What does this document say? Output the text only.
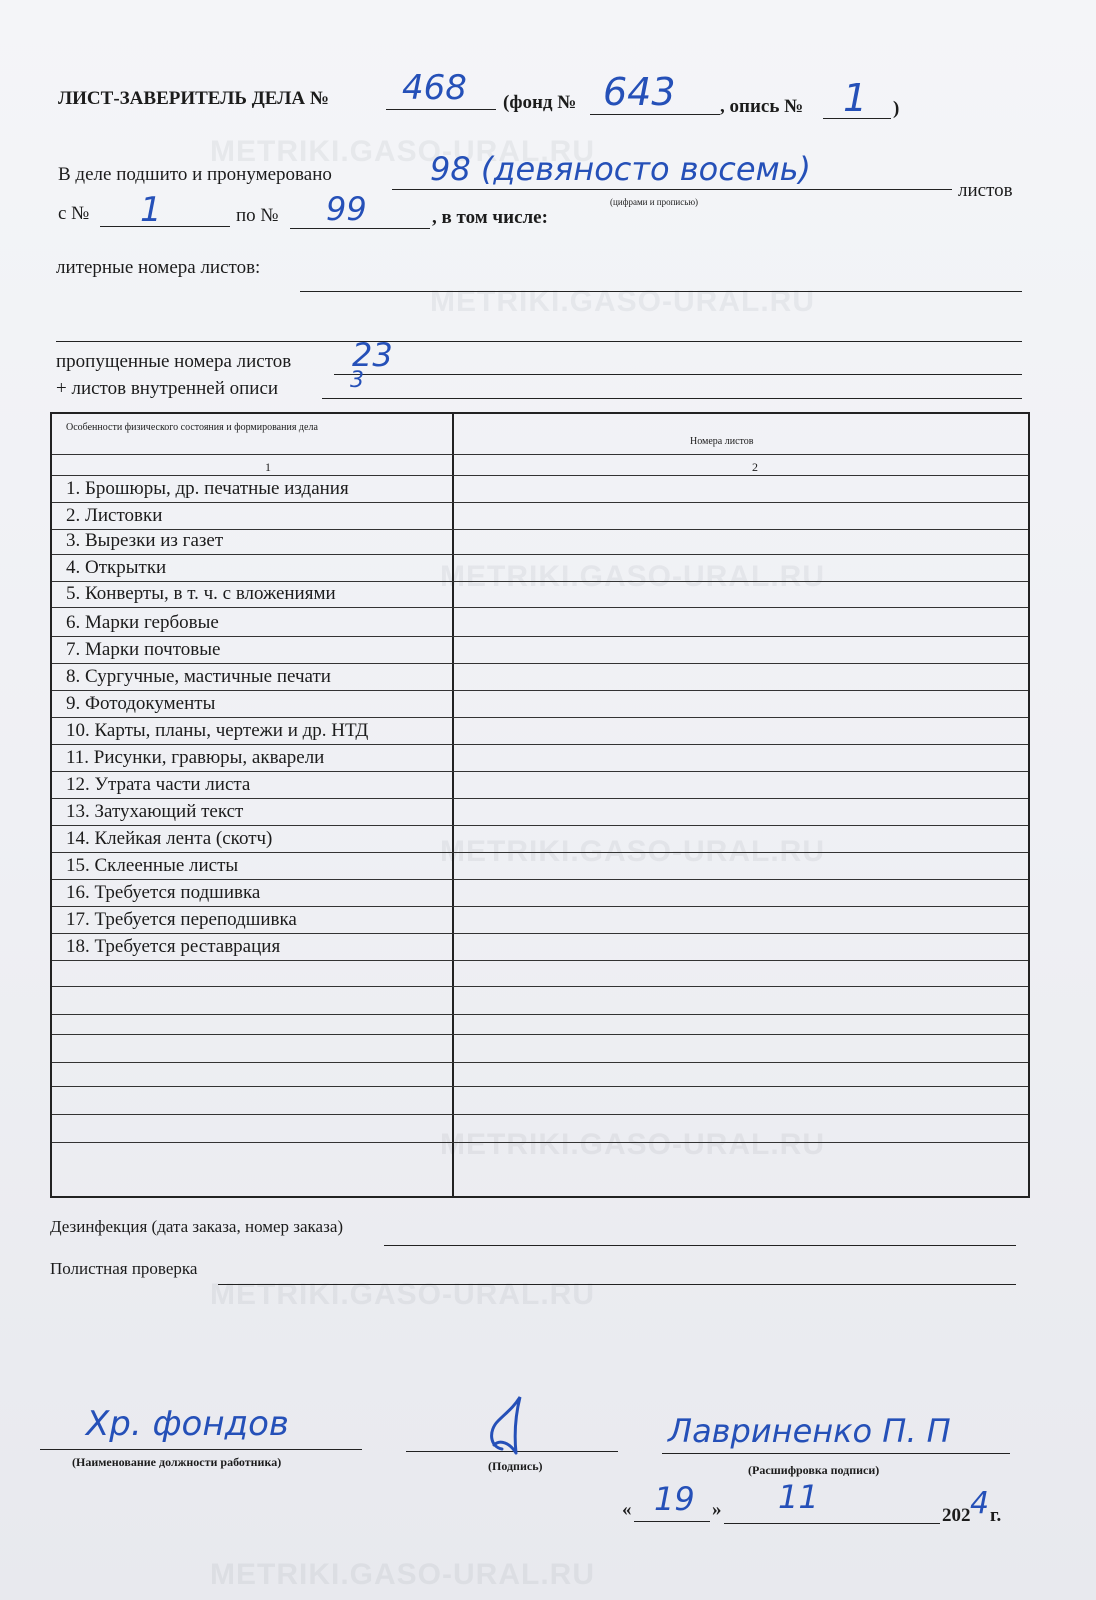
METRIKI.GASO-URAL.RU
METRIKI.GASO-URAL.RU
METRIKI.GASO-URAL.RU
METRIKI.GASO-URAL.RU
METRIKI.GASO-URAL.RU
METRIKI.GASO-URAL.RU
METRIKI.GASO-URAL.RU
ЛИСТ-ЗАВЕРИТЕЛЬ ДЕЛА № 468 (фонд № 643 , опись № 1 )
В деле подшито и пронумеровано	98 (девяносто восемь)
(цифрами и прописью)
листов
с № 1	по № 99	, в том числе:
литерные номера листов:
пропущенные номера листов 23
+ листов внутренней описи	3
Особенности физического состояния и формирования дела
Номера листов
1	2
1. Брошюры, др. печатные издания
2. Листовки
3. Вырезки из газет
4. Открытки
5. Конверты, в т. ч. с вложениями
6. Марки гербовые
7. Марки почтовые
8. Сургучные, мастичные печати
9. Фотодокументы
10. Карты, планы, чертежи и др. НТД
11. Рисунки, гравюры, акварели
12. Утрата части листа
13. Затухающий текст
14. Клейкая лента (скотч)
15. Склеенные листы
16. Требуется подшивка
17. Требуется переподшивка
18. Требуется реставрация
Дезинфекция (дата заказа, номер заказа)
Полистная проверка
Хр. фондов
(Наименование должности работника)	(Подпись)
Лавриненко П. П
(Расшифровка подписи)
« 19 » 11	202 4 г.
